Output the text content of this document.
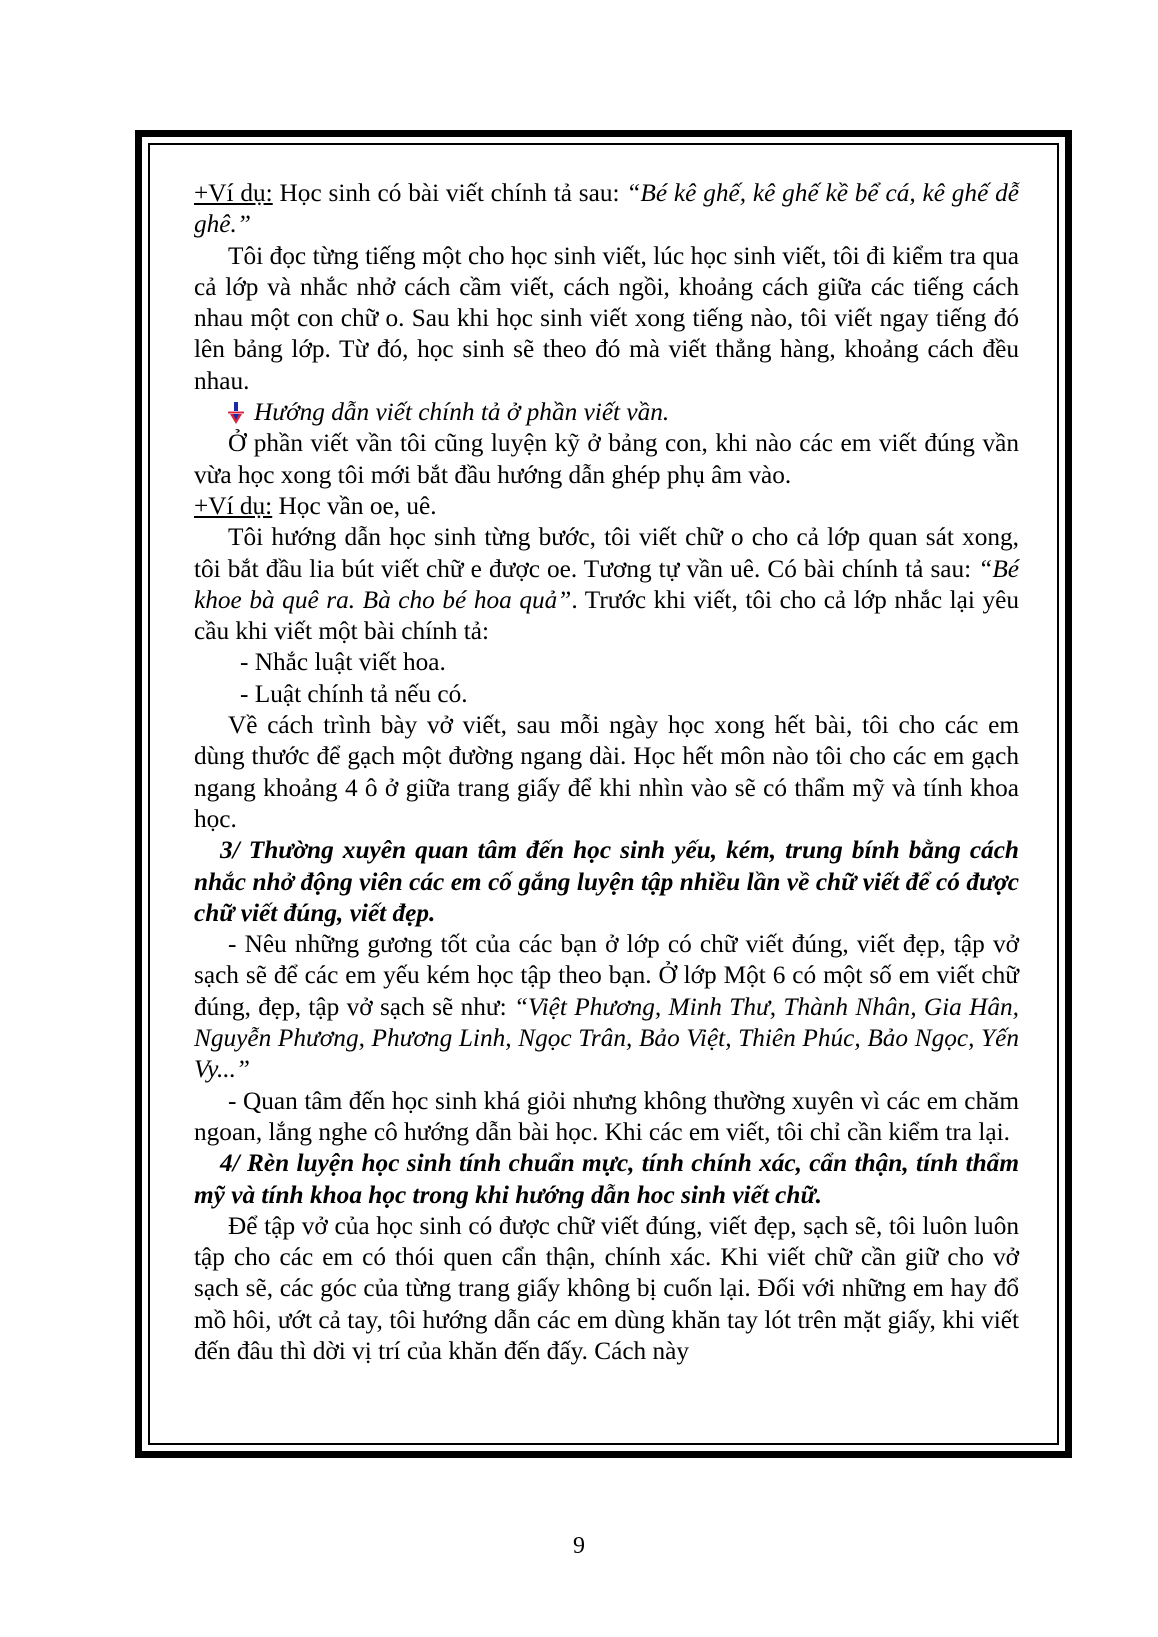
+Ví dụ: Học sinh có bài viết chính tả sau: “Bé kê ghế, kê ghế kề bể cá, kê ghế dễ ghê.”

Tôi đọc từng tiếng một cho học sinh viết, lúc học sinh viết, tôi đi kiểm tra qua cả lớp và nhắc nhở cách cầm viết, cách ngồi, khoảng cách giữa các tiếng cách nhau một con chữ o. Sau khi học sinh viết xong tiếng nào, tôi viết ngay tiếng đó lên bảng lớp. Từ đó, học sinh sẽ theo đó mà viết thẳng hàng, khoảng cách đều nhau.

Hướng dẫn viết chính tả ở phần viết vần.

Ở phần viết vần tôi cũng luyện kỹ ở bảng con, khi nào các em viết đúng vần vừa học xong tôi mới bắt đầu hướng dẫn ghép phụ âm vào.

+Ví dụ: Học vần oe, uê.

Tôi hướng dẫn học sinh từng bước, tôi viết chữ o cho cả lớp quan sát xong, tôi bắt đầu lia bút viết chữ e được oe. Tương tự vần uê. Có bài chính tả sau: “Bé khoe bà quê ra. Bà cho bé hoa quả”. Trước khi viết, tôi cho cả lớp nhắc lại yêu cầu khi viết một bài chính tả:

- Nhắc luật viết hoa.

- Luật chính tả nếu có.

Về cách trình bày vở viết, sau mỗi ngày học xong hết bài, tôi cho các em dùng thước để gạch một đường ngang dài. Học hết môn nào tôi cho các em gạch ngang khoảng 4 ô ở giữa trang giấy để khi nhìn vào sẽ có thẩm mỹ và tính khoa học.

3/ Thường xuyên quan tâm đến học sinh yếu, kém, trung bính bằng cách nhắc nhở động viên các em cố gắng luyện tập nhiều lần về chữ viết để có được chữ viết đúng, viết đẹp.

- Nêu những gương tốt của các bạn ở lớp có chữ viết đúng, viết đẹp, tập vở sạch sẽ để các em yếu kém học tập theo bạn. Ở lớp Một 6 có một số em viết chữ đúng, đẹp, tập vở sạch sẽ như: “Việt Phương, Minh Thư, Thành Nhân, Gia Hân, Nguyễn Phương, Phương Linh, Ngọc Trân, Bảo Việt, Thiên Phúc, Bảo Ngọc, Yến Vy...”

- Quan tâm đến học sinh khá giỏi nhưng không thường xuyên vì các em chăm ngoan, lắng nghe cô hướng dẫn bài học. Khi các em viết, tôi chỉ cần kiểm tra lại.

4/ Rèn luyện học sinh tính chuẩn mực, tính chính xác, cẩn thận, tính thẩm mỹ và tính khoa học trong khi hướng dẫn hoc sinh viết chữ.

Để tập vở của học sinh có được chữ viết đúng, viết đẹp, sạch sẽ, tôi luôn luôn tập cho các em có thói quen cẩn thận, chính xác. Khi viết chữ cần giữ cho vở sạch sẽ, các góc của từng trang giấy không bị cuốn lại. Đối với những em hay đổ mồ hôi, ướt cả tay, tôi hướng dẫn các em dùng khăn tay lót trên mặt giấy, khi viết đến đâu thì dời vị trí của khăn đến đấy. Cách này

9
